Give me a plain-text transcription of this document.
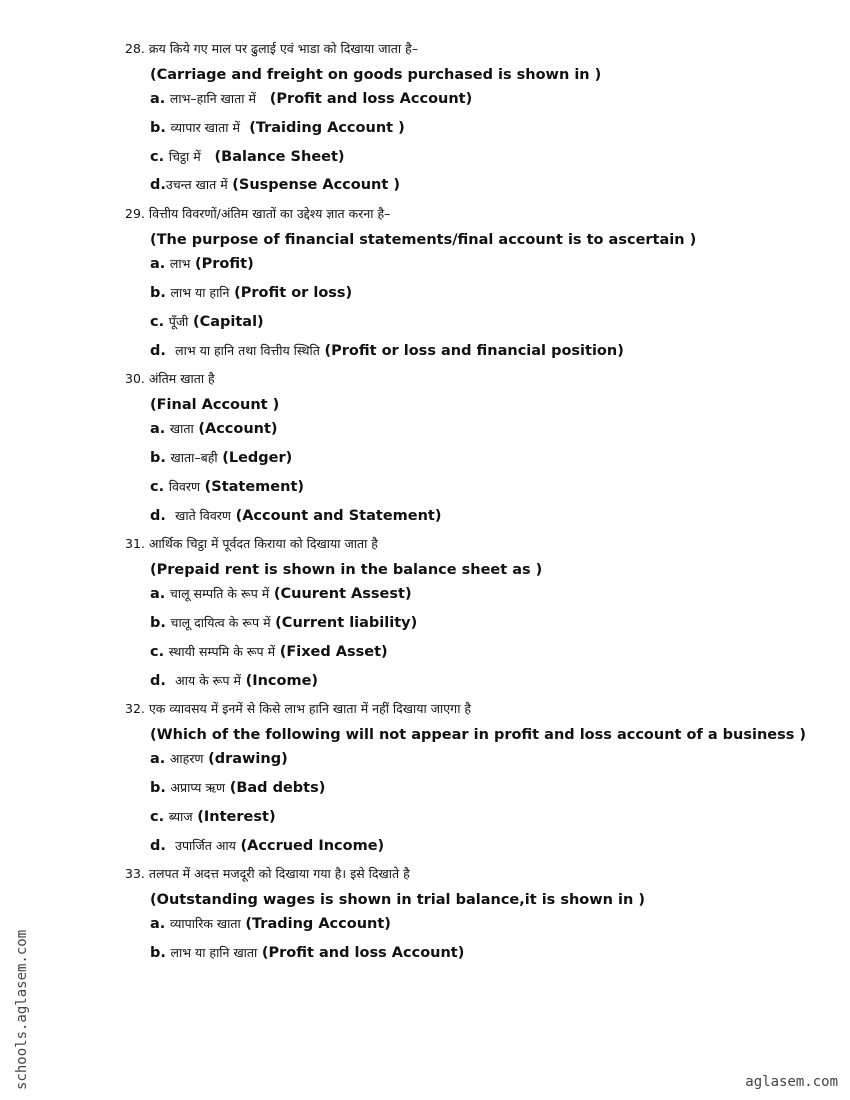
28. क्रय किये गए माल पर ढुलाई एवं भाडा को दिखाया जाता है–
(Carriage and freight on goods purchased is shown in )
a. लाभ–हानि खाता में (Profit and loss Account)
b. व्यापार खाता में (Traiding Account )
c. चिट्ठा में (Balance Sheet)
d.उचन्त खात में (Suspense Account )
29. वित्तीय विवरणों/अंतिम खातों का उद्देश्य ज्ञात करना है–
(The purpose of financial statements/final account is to ascertain )
a. लाभ (Profit)
b. लाभ या हानि (Profit or loss)
c. पूँजी (Capital)
d. लाभ या हानि तथा वित्तीय स्थिति (Profit or loss and financial position)
30. अंतिम खाता है
(Final Account )
a. खाता (Account)
b. खाता–बही (Ledger)
c. विवरण (Statement)
d. खाते विवरण (Account and Statement)
31. आर्थिक चिट्ठा में पूर्वदत किराया को दिखाया जाता है
(Prepaid rent is shown in the balance sheet as )
a. चालू सम्पति के रूप में (Cuurent Assest)
b. चालू दायित्व के रूप में (Current liability)
c. स्थायी सम्पमि के रूप में (Fixed Asset)
d. आय के रूप में (Income)
32. एक व्यावसय में इनमें से किसे लाभ हानि खाता में नहीं दिखाया जाएगा है
(Which of the following will not appear in profit and loss account of a business )
a. आहरण (drawing)
b. अप्राप्य ऋण (Bad debts)
c. ब्याज (Interest)
d. उपार्जित आय (Accrued Income)
33. तलपत में अदत्त मजदूरी को दिखाया गया है। इसे दिखाते है
(Outstanding wages is shown in trial balance,it is shown in )
a. व्यापारिक खाता (Trading Account)
b. लाभ या हानि खाता (Profit and loss Account)
schools.aglasem.com	aglasem.com
